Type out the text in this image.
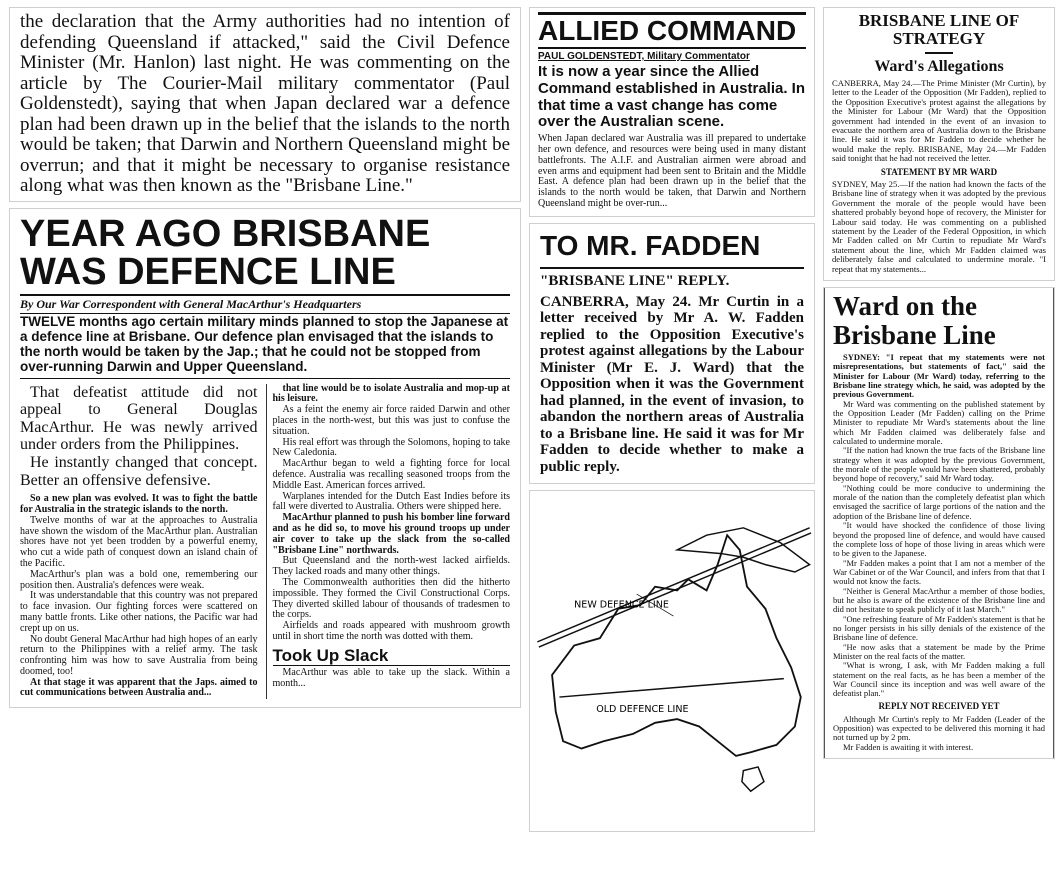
the declaration that the Army authorities had no intention of defending Queensland if attacked," said the Civil Defence Minister (Mr. Hanlon) last night. He was commenting on the article by The Courier-Mail military commentator (Paul Goldenstedt), saying that when Japan declared war a defence plan had been drawn up in the belief that the islands to the north would be taken; that Darwin and Northern Queensland might be overrun; and that it might be necessary to organise resistance along what was then known as the "Brisbane Line."
YEAR AGO BRISBANE
WAS DEFENCE LINE
By Our War Correspondent with General MacArthur's Headquarters
TWELVE months ago certain military minds planned to stop the Japanese at a defence line at Brisbane. Our defence plan envisaged that the islands to the north would be taken by the Jap.; that he could not be stopped from over-running Darwin and Upper Queensland.

That defeatist attitude did not appeal to General Douglas MacArthur. He was newly arrived under orders from the Philippines.

He instantly changed that concept. Better an offensive defensive.

So a new plan was evolved. It was to fight the battle for Australia in the strategic islands to the north.

Twelve months of war at the approaches to Australia have shown the wisdom of the MacArthur plan. Australian shores have not yet been trodden by a powerful enemy, who cut a wide path of conquest down an island chain of the Pacific.

MacArthur's plan was a bold one, remembering our position then. Australia's defences were weak.

It was understandable that this country was not prepared to face invasion. Our fighting forces were scattered on many battle fronts. Like other nations, the Pacific war had crept up on us.

No doubt General MacArthur had high hopes of an early return to the Philippines with a relief army. The task confronting him was how to save Australia from being doomed, too!

At that stage it was apparent that the Japs. aimed to cut communications between Australia and...

that line would be to isolate Australia and mop-up at his leisure.

As a feint the enemy air force raided Darwin and other places in the north-west, but this was just to confuse the situation.

His real effort was through the Solomons, hoping to take New Caledonia.

MacArthur began to weld a fighting force for local defence. Australia was recalling seasoned troops from the Middle East. American forces arrived.

Warplanes intended for the Dutch East Indies before its fall were diverted to Australia. Others were shipped here.

MacArthur planned to push his bomber line forward and as he did so, to move his ground troops up under air cover to take up the slack from the so-called "Brisbane Line" northwards.

But Queensland and the north-west lacked airfields. They lacked roads and many other things.

The Commonwealth authorities then did the hitherto impossible. They formed the Civil Constructional Corps. They diverted skilled labour of thousands of tradesmen to the corps.

Airfields and roads appeared with mushroom growth until in short time the north was dotted with them.

Took Up Slack

MacArthur was able to take up the slack. Within a month...

ALLIED COMMAND
PAUL GOLDENSTEDT, Military Commentator
It is now a year since the Allied Command established in Australia. In that time a vast change has come over the Australian scene.
When Japan declared war Australia was ill prepared to undertake her own defence, and resources were being used in many distant battlefronts. The A.I.F. and Australian airmen were abroad and even arms and equipment had been sent to Britain and the Middle East. A defence plan had been drawn up in the belief that the islands to the north would be taken, that Darwin and Northern Queensland might be over-run...
TO MR. FADDEN
"BRISBANE LINE" REPLY.
CANBERRA, May 24. Mr Curtin in a letter received by Mr A. W. Fadden replied to the Opposition Executive's protest against allegations by the Labour Minister (Mr E. J. Ward) that the Opposition when it was the Government had planned, in the event of invasion, to abandon the northern areas of Australia to a Brisbane line. He said it was for Mr Fadden to decide whether to make a public reply.
NEW DEFENCE LINE
OLD DEFENCE LINE
BRISBANE LINE OF STRATEGY
Ward's Allegations
CANBERRA, May 24.—The Prime Minister (Mr Curtin), by letter to the Leader of the Opposition (Mr Fadden), replied to the Opposition Executive's protest against the allegations by the Minister for Labour (Mr Ward) that the Opposition government had intended in the event of an invasion to evacuate the northern area of Australia down to the Brisbane line. He said it was for Mr Fadden to decide whether he would make the reply. BRISBANE, May 24.—Mr Fadden said tonight that he had not received the letter.
STATEMENT BY MR WARD
SYDNEY, May 25.—If the nation had known the facts of the Brisbane line of strategy when it was adopted by the previous Government the morale of the people would have been shattered probably beyond hope of recovery, the Minister for Labour said today. He was commenting on a published statement by the Leader of the Federal Opposition, in which Mr Fadden called on Mr Curtin to repudiate Mr Ward's statement about the line, which Mr Fadden claimed was deliberately false and calculated to undermine morale. "I repeat that my statements...
Ward on the Brisbane Line

SYDNEY: "I repeat that my statements were not misrepresentations, but statements of fact," said the Minister for Labour (Mr Ward) today, referring to the Brisbane line strategy which, he said, was adopted by the previous Government.

Mr Ward was commenting on the published statement by the Opposition Leader (Mr Fadden) calling on the Prime Minister to repudiate Mr Ward's statements about the line which Mr Fadden claimed was deliberately false and calculated to undermine morale.

"If the nation had known the true facts of the Brisbane line strategy when it was adopted by the previous Government, the morale of the people would have been shattered, probably beyond hope of recovery," said Mr Ward today.

"Nothing could be more conducive to undermining the morale of the nation than the completely defeatist plan which envisaged the sacrifice of large portions of the nation and the adoption of the Brisbane line of defence.

"It would have shocked the confidence of those living beyond the proposed line of defence, and would have caused the complete loss of hope of those living in areas which were to be given to the Japanese.

"Mr Fadden makes a point that I am not a member of the War Cabinet or of the War Council, and infers from that that I would not know the facts.

"Neither is General MacArthur a member of those bodies, but he also is aware of the existence of the Brisbane line and did not hesitate to speak publicly of it last March."

"One refreshing feature of Mr Fadden's statement is that he no longer persists in his silly denials of the existence of the Brisbane line of defence.

"He now asks that a statement be made by the Prime Minister on the real facts of the matter.

"What is wrong, I ask, with Mr Fadden making a full statement on the real facts, as he has been a member of the War Council since its inception and was well aware of the defeatist plan."

REPLY NOT RECEIVED YET

Although Mr Curtin's reply to Mr Fadden (Leader of the Opposition) was expected to be delivered this morning it had not turned up by 2 pm.

Mr Fadden is awaiting it with interest.
